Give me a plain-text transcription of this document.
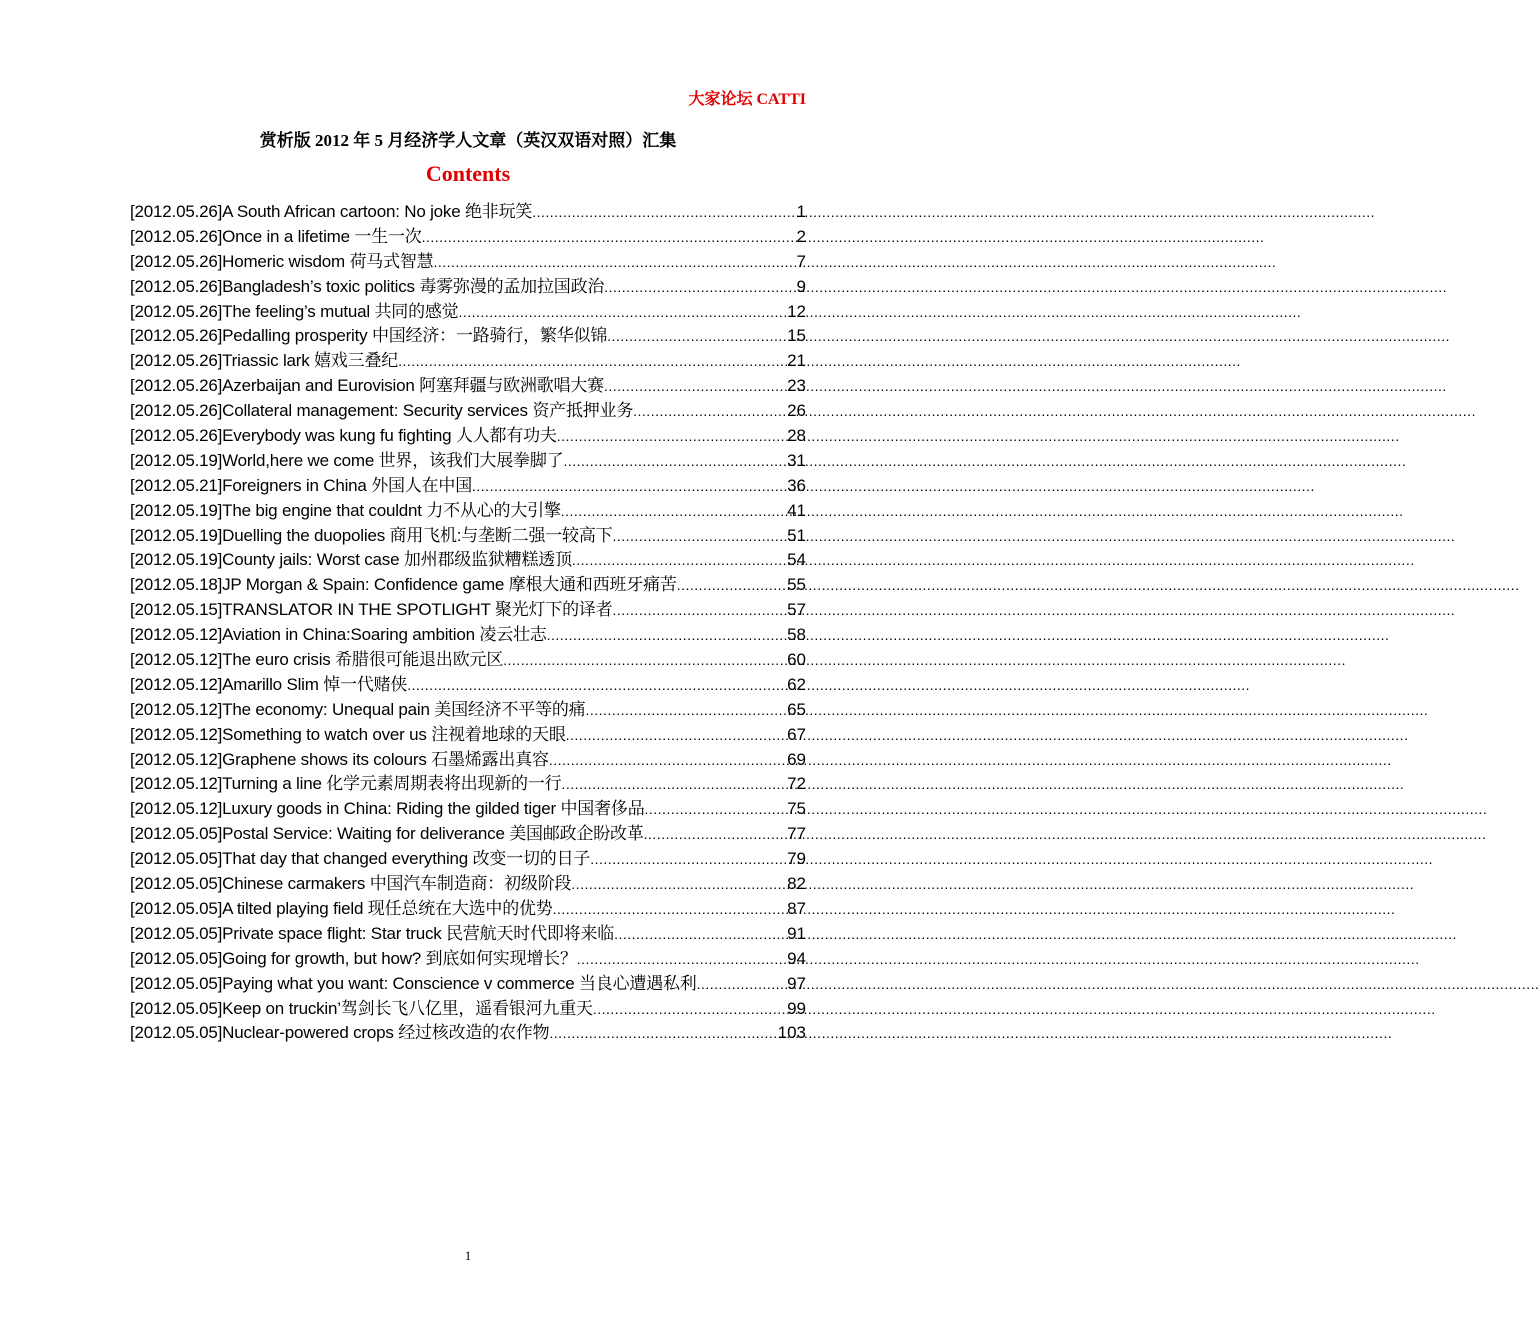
大家论坛 CATTI
赏析版 2012 年 5 月经济学人文章（英汉双语对照）汇集
Contents
[2012.05.26]A South African cartoon: No joke 绝非玩笑 .....	1
[2012.05.26]Once in a lifetime 一生一次 .....	2
[2012.05.26]Homeric wisdom 荷马式智慧 .....	7
[2012.05.26]Bangladesh’s toxic politics 毒雾弥漫的孟加拉国政治 .....	9
[2012.05.26]The feeling’s mutual 共同的感觉 .....	12
[2012.05.26]Pedalling prosperity 中国经济：一路骑行，繁华似锦 .....	15
[2012.05.26]Triassic lark 嬉戏三叠纪 .....	21
[2012.05.26]Azerbaijan and Eurovision 阿塞拜疆与欧洲歌唱大赛 .....	23
[2012.05.26]Collateral management: Security services 资产抵押业务 .....	26
[2012.05.26]Everybody was kung fu fighting 人人都有功夫 .....	28
[2012.05.19]World,here we come 世界，该我们大展拳脚了 .....	31
[2012.05.21]Foreigners in China 外国人在中国 .....	36
[2012.05.19]The big engine that couldnt 力不从心的大引擎 .....	41
[2012.05.19]Duelling the duopolies 商用飞机:与垄断二强一较高下 .....	51
[2012.05.19]County jails: Worst case 加州郡级监狱糟糕透顶 .....	54
[2012.05.18]JP Morgan & Spain: Confidence game 摩根大通和西班牙痛苦 .....	55
[2012.05.15]TRANSLATOR IN THE SPOTLIGHT 聚光灯下的译者 .....	57
[2012.05.12]Aviation in China:Soaring ambition 凌云壮志 .....	58
[2012.05.12]The euro crisis 希腊很可能退出欧元区 .....	60
[2012.05.12]Amarillo Slim 悼一代赌侠 .....	62
[2012.05.12]The economy: Unequal pain 美国经济不平等的痛 .....	65
[2012.05.12]Something to watch over us 注视着地球的天眼 .....	67
[2012.05.12]Graphene shows its colours 石墨烯露出真容 .....	69
[2012.05.12]Turning a line 化学元素周期表将出现新的一行 .....	72
[2012.05.12]Luxury goods in China: Riding the gilded tiger 中国奢侈品 .....	75
[2012.05.05]Postal Service: Waiting for deliverance 美国邮政企盼改革 .....	77
[2012.05.05]That day that changed everything 改变一切的日子 .....	79
[2012.05.05]Chinese carmakers 中国汽车制造商：初级阶段 .....	82
[2012.05.05]A tilted playing field 现任总统在大选中的优势 .....	87
[2012.05.05]Private space flight: Star truck 民营航天时代即将来临 .....	91
[2012.05.05]Going for growth, but how? 到底如何实现增长？ .....	94
[2012.05.05]Paying what you want: Conscience v commerce 当良心遭遇私利 .....	97
[2012.05.05]Keep on truckin’驾剑长飞八亿里，遥看银河九重天 .....	99
[2012.05.05]Nuclear-powered crops 经过核改造的农作物 .....	103
1
